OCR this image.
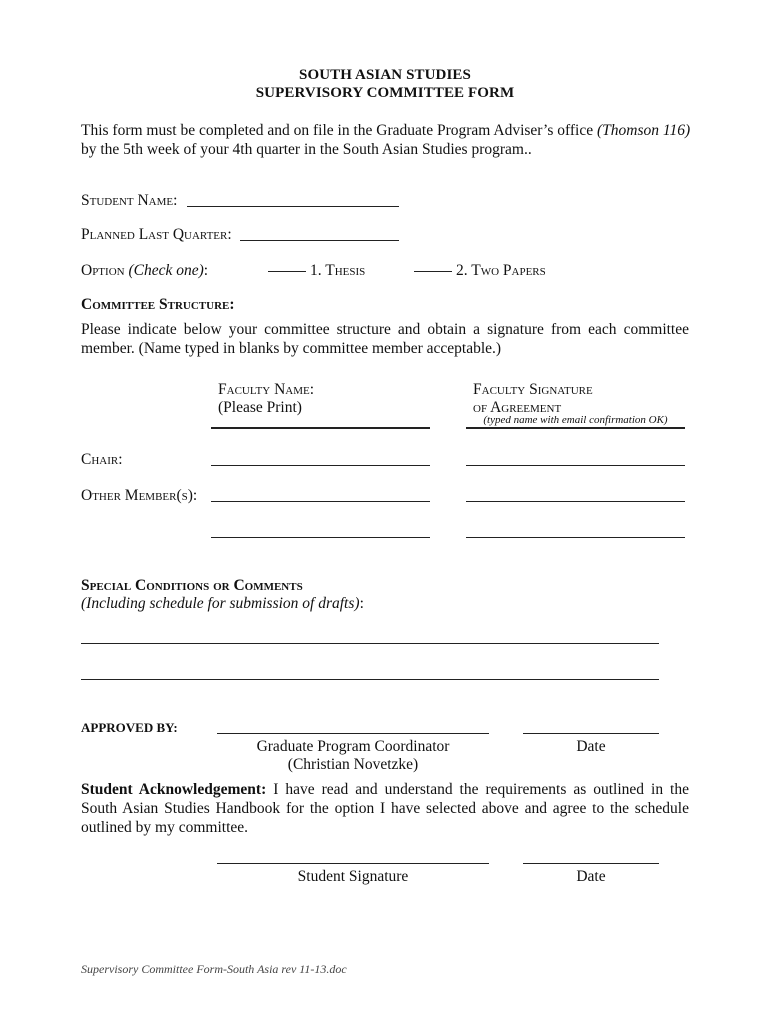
SOUTH ASIAN STUDIES
SUPERVISORY COMMITTEE FORM
This form must be completed and on file in the Graduate Program Adviser’s office (Thomson 116) by the 5th week of your 4th quarter in the South Asian Studies program..
Student Name:
Planned Last Quarter:
Option (Check one):	1. Thesis	2. Two Papers
Committee Structure:
Please indicate below your committee structure and obtain a signature from each committee member. (Name typed in blanks by committee member acceptable.)
Faculty Name:
(Please Print)
Faculty Signature
of Agreement
(typed name with email confirmation OK)
Chair:
Other Member(s):
Special Conditions or Comments
(Including schedule for submission of drafts):
APPROVED BY:
Graduate Program Coordinator
(Christian Novetzke)
Date
Student Acknowledgement: I have read and understand the requirements as outlined in the South Asian Studies Handbook for the option I have selected above and agree to the schedule outlined by my committee.
Student Signature	Date
Supervisory Committee Form-South Asia rev 11-13.doc
